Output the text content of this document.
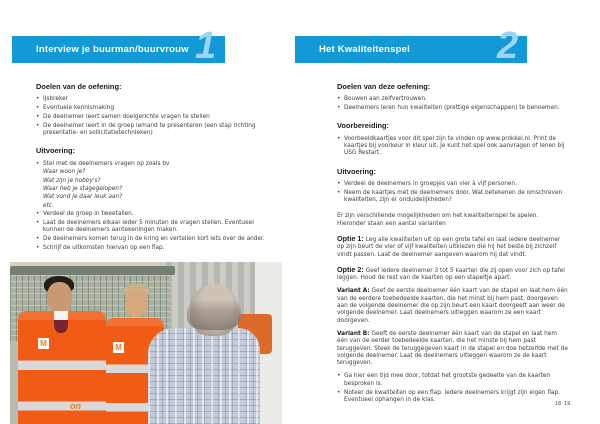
Interview je buurman/buurvrouw 1	Het Kwaliteitenspel	2
Doelen van de oefening:
• IJsbreker
• Eventuele kennismaking
• De deelnemer leert samen doelgerichte vragen te stellen
• De deelnemer leert in de groep iemand te presenteren (een stap richting presentatie- en sollicitatietechnieken)
Uitvoering:
• Stel met de deelnemers vragen op zoals bv
Waar woon je?
Wat zijn je hobby's?
Waar heb je stagegelopen?
Wat vond je daar leuk aan?
etc.
• Verdeel de groep in tweetallen.
• Laat de deelnemers elkaar ieder 5 minuten de vragen stellen. Eventueel kunnen de deelnemers aantekeningen maken.
• De deelnemers komen terug in de kring en vertellen kort iets over de ander.
• Schrijf de uitkomsten hiervan op een flap.
M	M
on
Doelen van deze oefening:
• Bouwen aan zelfvertrouwen.
• Deelnemers leren hun kwaliteiten (prettige eigenschappen) te benoemen.
Voorbereiding:
• Voorbeeldkaartjes voor dit spel zijn te vinden op www.prokkel.nl. Print de kaartjes bij voorkeur in kleur uit. Je kunt het spel ook aanvragen of lenen bij USG Restart.
Uitvoering:
• Verdeel de deelnemers in groepjes van vier à vijf personen.
• Neem de kaartjes met de deelnemers door. Wat betekenen de omschreven kwaliteiten, zijn er onduidelijkheden?
Er zijn verschillende mogelijkheden om het kwaliteitenspel te spelen. Hieronder staan een aantal varianten
Optie 1: Leg alle kwaliteiten uit op een grote tafel en laat iedere deelnemer op zijn beurt de vier of vijf kwaliteiten uitkiezen die hij het beste bij zichzelf vindt passen. Laat de deelnemer aangeven waarom hij dat vindt.
Optie 2: Geef iedere deelnemer 3 tot 5 kaarten die zij open voor zich op tafel leggen. Houd de rest van de kaarten op een stapeltje apart.
Variant A: Geef de eerste deelnemer één kaart van de stapel en laat hem één van de eerdere toebedeelde kaarten, die het minst bij hem past, doorgeven aan de volgende deelnemer die op zijn beurt een kaart doorgeeft aan weer de volgende deelnemer. Laat deelnemers uitleggen waarom ze een kaart doorgeven.
Variant B: Geeft de eerste deelnemer één kaart van de stapel en laat hem één van de eerder toebedeelde kaarten, die het minste bij hem past teruggeven. Steek de teruggegeven kaart in de stapel en doe hetzelfde met de volgende deelnemer. Laat de deelnemers uitleggen waarom ze de kaart teruggeven.
• Ga hier een tijd mee door, totdat het grootste gedeelte van de kaarten besproken is.
• Noteer de kwaliteiten op een flap. Iedere deelnemers krijgt zijn eigen flap. Eventueel ophangen in de klas.
18 19
